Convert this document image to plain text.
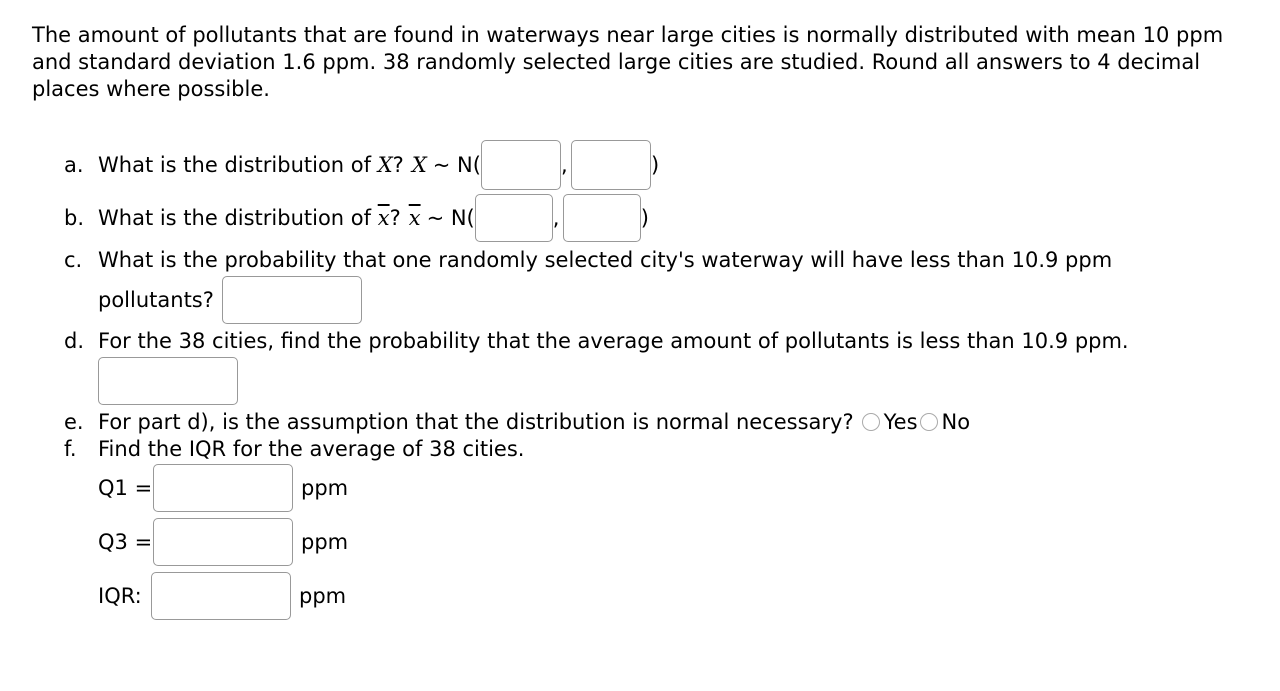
The amount of pollutants that are found in waterways near large cities is normally distributed with mean 10 ppm and standard deviation 1.6 ppm. 38 randomly selected large cities are studied. Round all answers to 4 decimal places where possible.
a. What is the distribution of X ? X ~ N(	,	)
b. What is the distribution of $\overline{x}$ ? $\overline{x}$ ~ N(	,	)
c. What is the probability that one randomly selected city's waterway will have less than 10.9 ppm
pollutants?
d. For the 38 cities, find the probability that the average amount of pollutants is less than 10.9 ppm.
e. For part d), is the assumption that the distribution is normal necessary? Yes No
f.	Find the IQR for the average of 38 cities.
Q1 =	ppm
Q3 =	ppm
IQR:	ppm
